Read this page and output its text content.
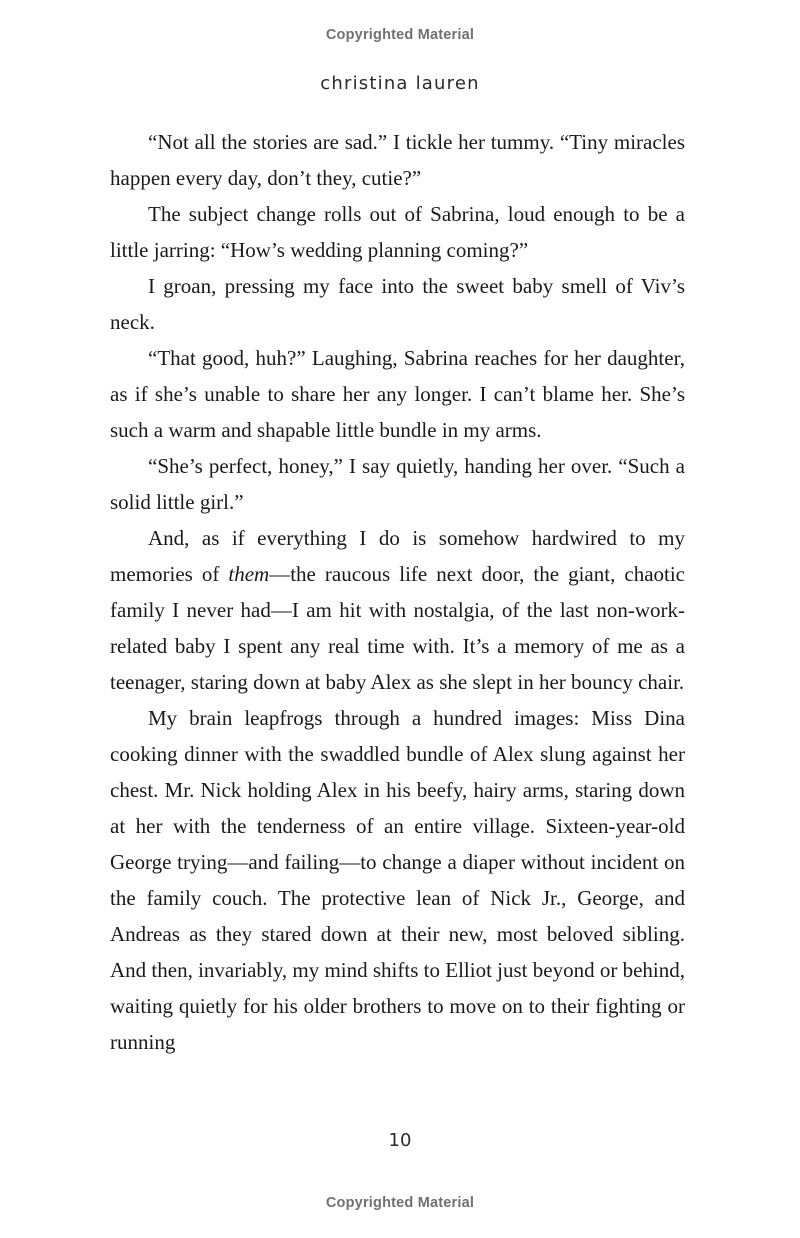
Copyrighted Material
christina lauren

“Not all the stories are sad.” I tickle her tummy. “Tiny miracles happen every day, don’t they, cutie?”

The subject change rolls out of Sabrina, loud enough to be a little jarring: “How’s wedding planning coming?”

I groan, pressing my face into the sweet baby smell of Viv’s neck.

“That good, huh?” Laughing, Sabrina reaches for her daughter, as if she’s unable to share her any longer. I can’t blame her. She’s such a warm and shapable little bundle in my arms.

“She’s perfect, honey,” I say quietly, handing her over. “Such a solid little girl.”

And, as if everything I do is somehow hardwired to my memories of them—the raucous life next door, the giant, chaotic family I never had—I am hit with nostalgia, of the last non-work-related baby I spent any real time with. It’s a memory of me as a teenager, staring down at baby Alex as she slept in her bouncy chair.

My brain leapfrogs through a hundred images: Miss Dina cooking dinner with the swaddled bundle of Alex slung against her chest. Mr. Nick holding Alex in his beefy, hairy arms, staring down at her with the tenderness of an entire village. Sixteen-year-old George trying—and failing—to change a diaper without incident on the family couch. The protective lean of Nick Jr., George, and Andreas as they stared down at their new, most beloved sibling. And then, invariably, my mind shifts to Elliot just beyond or behind, waiting quietly for his older brothers to move on to their fighting or running

10
Copyrighted Material
